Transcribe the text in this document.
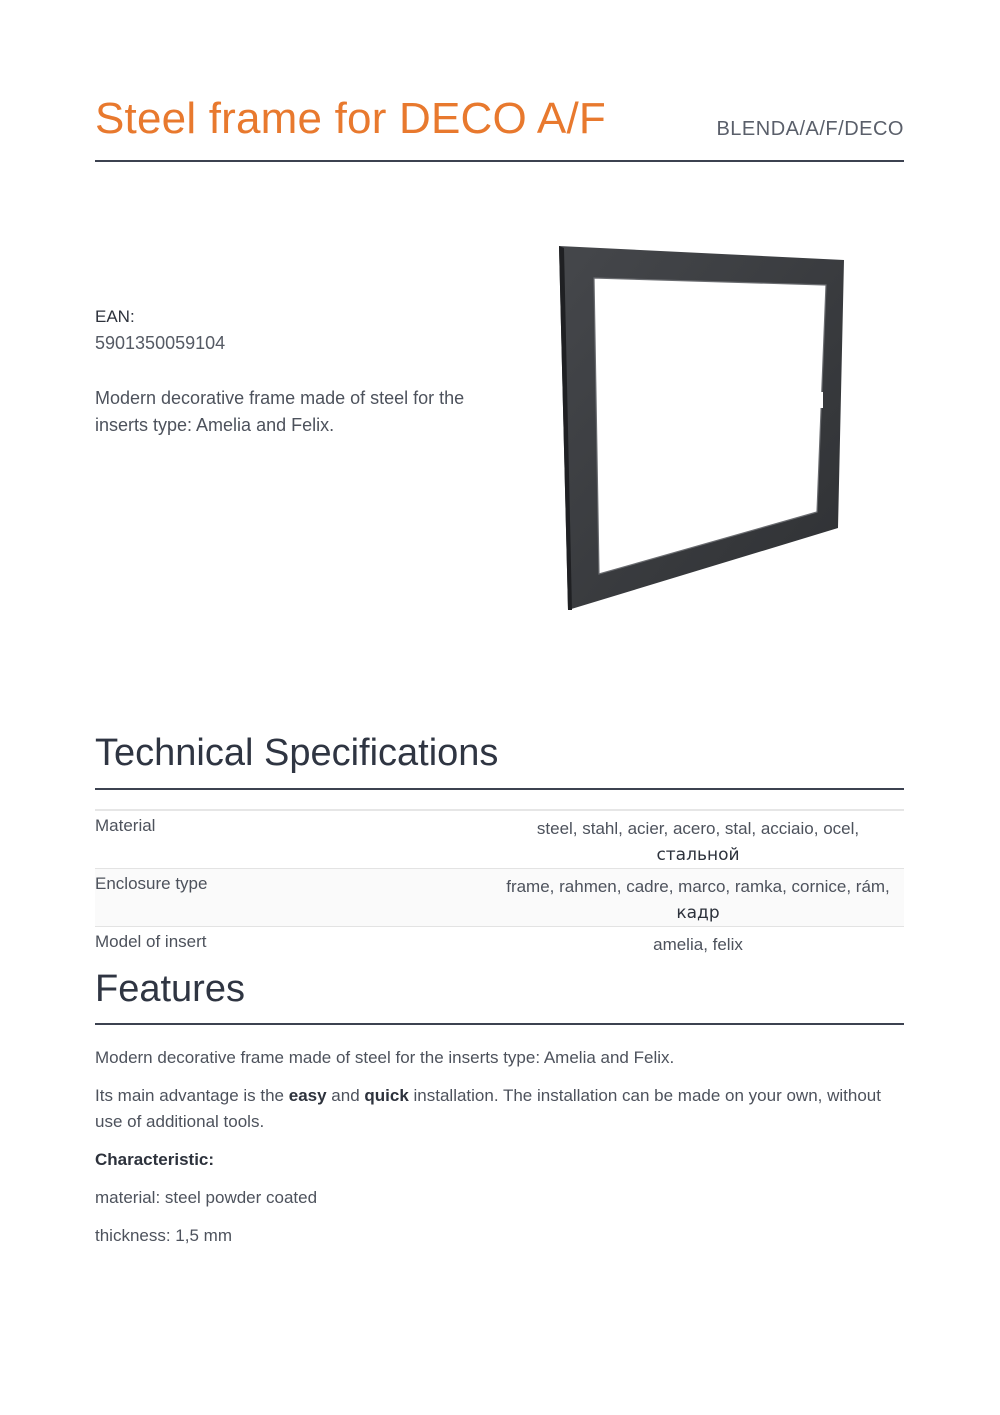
Steel frame for DECO A/F	BLENDA/A/F/DECO
EAN:
5901350059104
Modern decorative frame made of steel for the inserts type: Amelia and Felix.
Technical Specifications
Material	steel, stahl, acier, acero, stal, acciaio, ocel,
стальной
Enclosure type	frame, rahmen, cadre, marco, ramka, cornice, rám,
кадр
Model of insert	amelia, felix
Features

Modern decorative frame made of steel for the inserts type: Amelia and Felix.

Its main advantage is the easy and quick installation. The installation can be made on your own, without use of additional tools.

Characteristic:

material: steel powder coated

thickness: 1,5 mm
